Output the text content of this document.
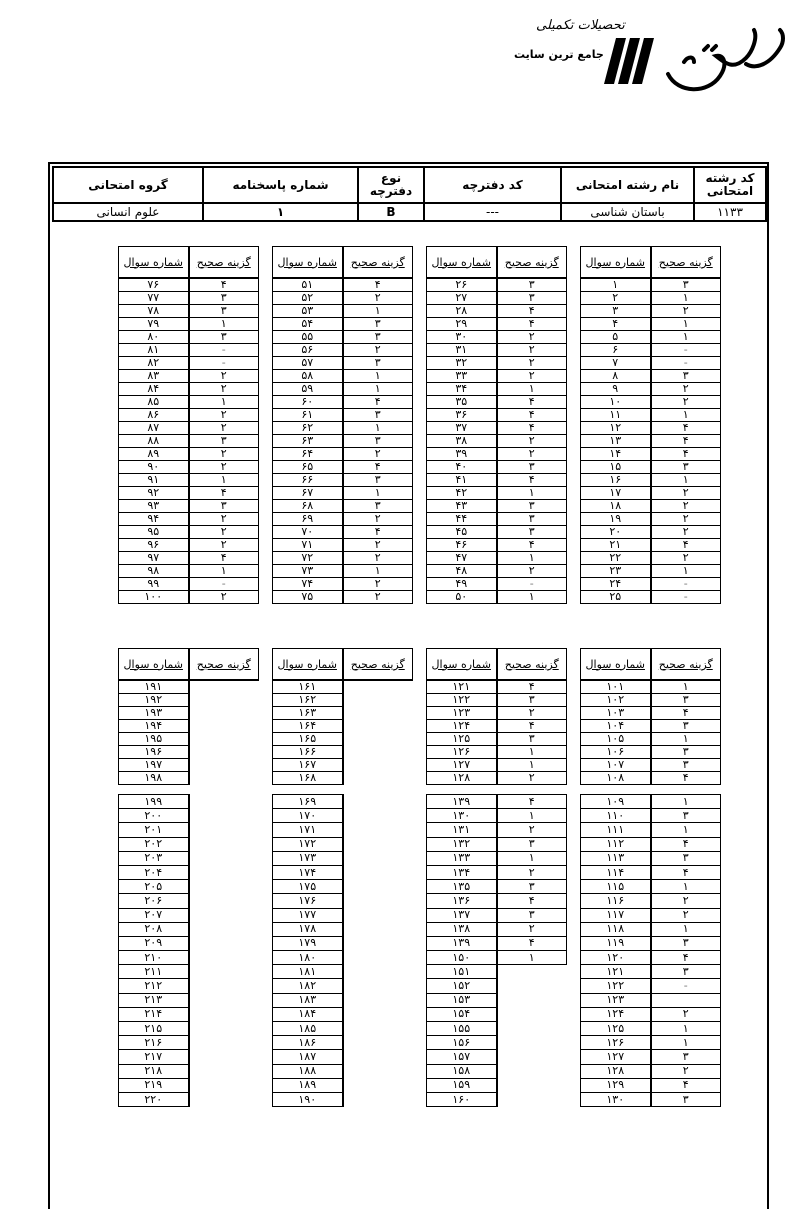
جامع ترین سایت
تحصیلات تکمیلی
کد رشته امتحانی	نام رشته امتحانی	کد دفترچه	نوع دفترچه	شماره پاسخنامه	گروه امتحانی
۱۱۳۳	باستان شناسی	---	B	۱	علوم انسانی
گزینه صحیح	شماره سوال		گزینه صحیح	شماره سوال		گزینه صحیح	شماره سوال		گزینه صحیح	شماره سوال
۳	۱		۳	۲۶		۴	۵۱		۴	۷۶
۱	۲		۳	۲۷		۲	۵۲		۳	۷۷
۲	۳		۴	۲۸		۱	۵۳		۳	۷۸
۱	۴		۴	۲۹		۳	۵۴		۱	۷۹
۱	۵		۲	۳۰		۳	۵۵		۳	۸۰
-	۶		۲	۳۱		۲	۵۶		-	۸۱
-	۷		۲	۳۲		۳	۵۷		-	۸۲
۳	۸		۲	۳۳		۱	۵۸		۲	۸۳
۲	۹		۱	۳۴		۱	۵۹		۲	۸۴
۲	۱۰		۴	۳۵		۴	۶۰		۱	۸۵
۱	۱۱		۴	۳۶		۳	۶۱		۲	۸۶
۴	۱۲		۴	۳۷		۱	۶۲		۲	۸۷
۴	۱۳		۲	۳۸		۳	۶۳		۳	۸۸
۴	۱۴		۲	۳۹		۲	۶۴		۲	۸۹
۳	۱۵		۳	۴۰		۴	۶۵		۲	۹۰
۱	۱۶		۴	۴۱		۳	۶۶		۱	۹۱
۲	۱۷		۱	۴۲		۱	۶۷		۴	۹۲
۲	۱۸		۳	۴۳		۳	۶۸		۳	۹۳
۲	۱۹		۳	۴۴		۲	۶۹		۲	۹۴
۲	۲۰		۳	۴۵		۴	۷۰		۲	۹۵
۴	۲۱		۴	۴۶		۲	۷۱		۲	۹۶
۲	۲۲		۱	۴۷		۲	۷۲		۴	۹۷
۱	۲۳		۲	۴۸		۱	۷۳		۱	۹۸
-	۲۴		-	۴۹		۲	۷۴		-	۹۹
-	۲۵		۱	۵۰		۲	۷۵		۲	۱۰۰
گزینه صحیح	شماره سوال		گزینه صحیح	شماره سوال		گزینه صحیح	شماره سوال		گزینه صحیح	شماره سوال
۱	۱۰۱		۴	۱۲۱			۱۶۱			۱۹۱
۳	۱۰۲		۳	۱۲۲			۱۶۲			۱۹۲
۴	۱۰۳		۲	۱۲۳			۱۶۳			۱۹۳
۳	۱۰۴		۴	۱۲۴			۱۶۴			۱۹۴
۱	۱۰۵		۳	۱۲۵			۱۶۵			۱۹۵
۳	۱۰۶		۱	۱۲۶			۱۶۶			۱۹۶
۳	۱۰۷		۱	۱۲۷			۱۶۷			۱۹۷
۴	۱۰۸		۲	۱۲۸			۱۶۸			۱۹۸
۱	۱۰۹		۴	۱۳۹			۱۶۹			۱۹۹
۳	۱۱۰		۱	۱۳۰			۱۷۰			۲۰۰
۱	۱۱۱		۲	۱۳۱			۱۷۱			۲۰۱
۴	۱۱۲		۳	۱۳۲			۱۷۲			۲۰۲
۳	۱۱۳		۱	۱۳۳			۱۷۳			۲۰۳
۴	۱۱۴		۲	۱۳۴			۱۷۴			۲۰۴
۱	۱۱۵		۳	۱۳۵			۱۷۵			۲۰۵
۲	۱۱۶		۴	۱۳۶			۱۷۶			۲۰۶
۲	۱۱۷		۳	۱۳۷			۱۷۷			۲۰۷
۱	۱۱۸		۲	۱۳۸			۱۷۸			۲۰۸
۳	۱۱۹		۴	۱۳۹			۱۷۹			۲۰۹
۴	۱۲۰		۱	۱۵۰			۱۸۰			۲۱۰
۳	۱۲۱			۱۵۱			۱۸۱			۲۱۱
-	۱۲۲			۱۵۲			۱۸۲			۲۱۲
	۱۲۳			۱۵۳			۱۸۳			۲۱۳
۲	۱۲۴			۱۵۴			۱۸۴			۲۱۴
۱	۱۲۵			۱۵۵			۱۸۵			۲۱۵
۱	۱۲۶			۱۵۶			۱۸۶			۲۱۶
۳	۱۲۷			۱۵۷			۱۸۷			۲۱۷
۲	۱۲۸			۱۵۸			۱۸۸			۲۱۸
۴	۱۲۹			۱۵۹			۱۸۹			۲۱۹
۳	۱۳۰			۱۶۰			۱۹۰			۲۲۰
